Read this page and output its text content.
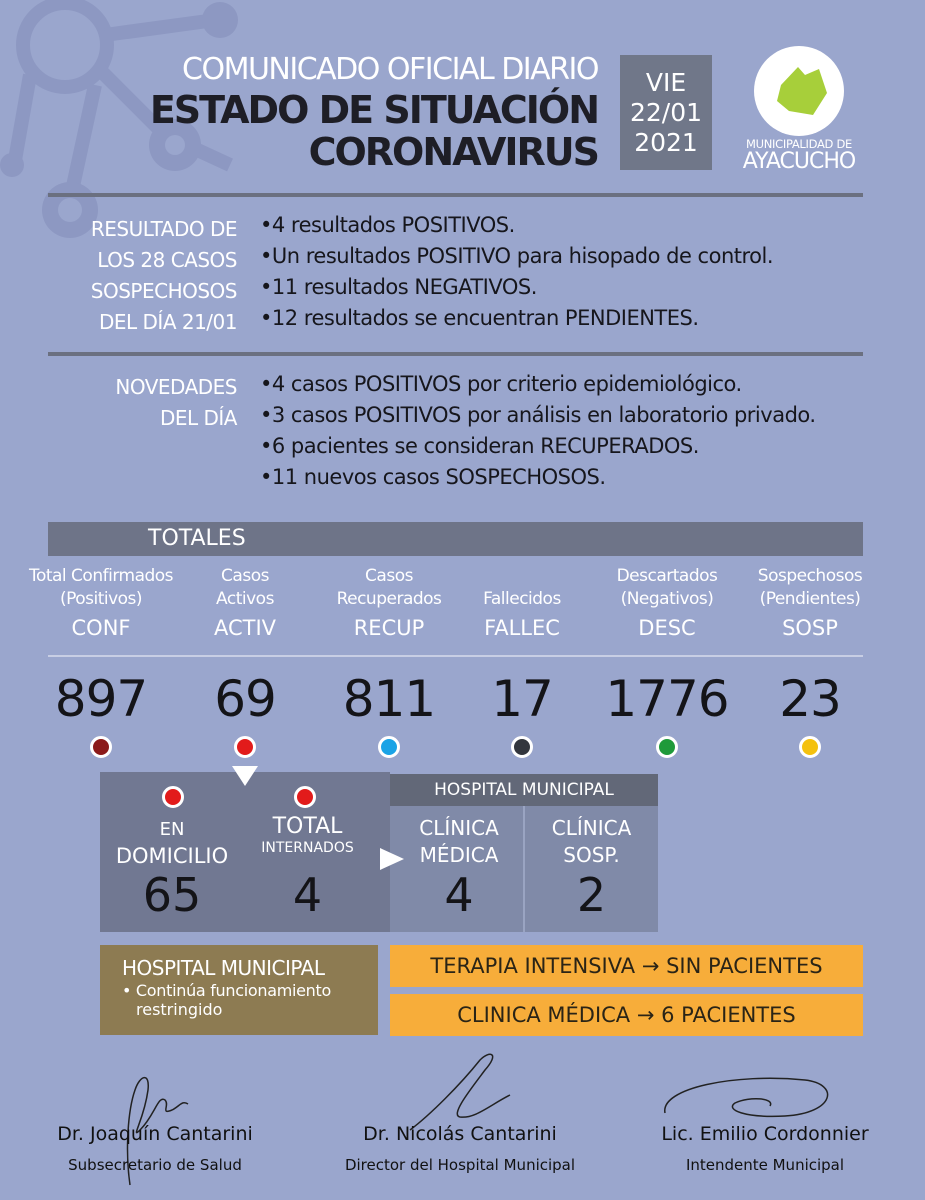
COMUNICADO OFICIAL DIARIO
ESTADO DE SITUACIÓN
CORONAVIRUS
VIE
22/01
2021	MUNICIPALIDAD DE
AYACUCHO
RESULTADO DE
LOS 28 CASOS
SOSPECHOSOS
DEL DÍA 21/01
• 4 resultados POSITIVOS.
• Un resultados POSITIVO para hisopado de control.
• 11 resultados NEGATIVOS.
• 12 resultados se encuentran PENDIENTES.
NOVEDADES
DEL DÍA
• 4 casos POSITIVOS por criterio epidemiológico.
• 3 casos POSITIVOS por análisis en laboratorio privado.
• 6 pacientes se consideran RECUPERADOS.
• 11 nuevos casos SOSPECHOSOS.
TOTALES
Total Confirmados
(Positivos)
CONF
897
Casos
Activos
ACTIV
69
Casos
Recuperados
RECUP
811
Fallecidos
FALLEC
17
Descartados
(Negativos)
DESC
1776
Sospechosos
(Pendientes)
SOSP
23
HOSPITAL MUNICIPAL
EN
DOMICILIO
65
TOTAL
INTERNADOS
4
CLÍNICA
MÉDICA
4
CLÍNICA
SOSP.
2
HOSPITAL MUNICIPAL
• Continúa funcionamiento
restringido
TERAPIA INTENSIVA → SIN PACIENTES
CLINICA MÉDICA → 6 PACIENTES
Dr. Joaquín Cantarini
Subsecretario de Salud
Dr. Nicolás Cantarini
Director del Hospital Municipal
Lic. Emilio Cordonnier
Intendente Municipal
